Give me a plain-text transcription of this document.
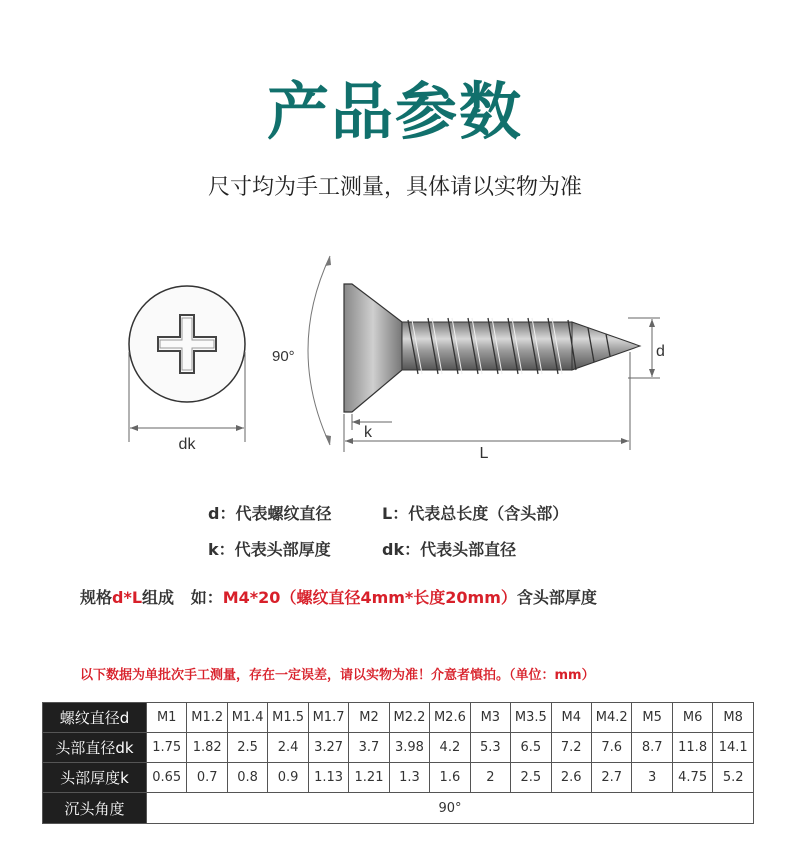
产品参数
尺寸均为手工测量，具体请以实物为准
dk
90°	d
k
L
d：代表螺纹直径	L：代表总长度（含头部）
k：代表头部厚度	dk：代表头部直径
规格d*L组成   如：M4*20（螺纹直径4mm*长度20mm）含头部厚度
以下数据为单批次手工测量，存在一定误差，请以实物为准！介意者慎拍。（单位：mm）
螺纹直径d	M1	M1.2	M1.4	M1.5	M1.7	M2	M2.2	M2.6	M3	M3.5	M4	M4.2	M5	M6	M8
头部直径dk	1.75	1.82	2.5	2.4	3.27	3.7	3.98	4.2	5.3	6.5	7.2	7.6	8.7	11.8	14.1
头部厚度k	0.65	0.7	0.8	0.9	1.13	1.21	1.3	1.6	2	2.5	2.6	2.7	3	4.75	5.2
沉头角度	90°														
